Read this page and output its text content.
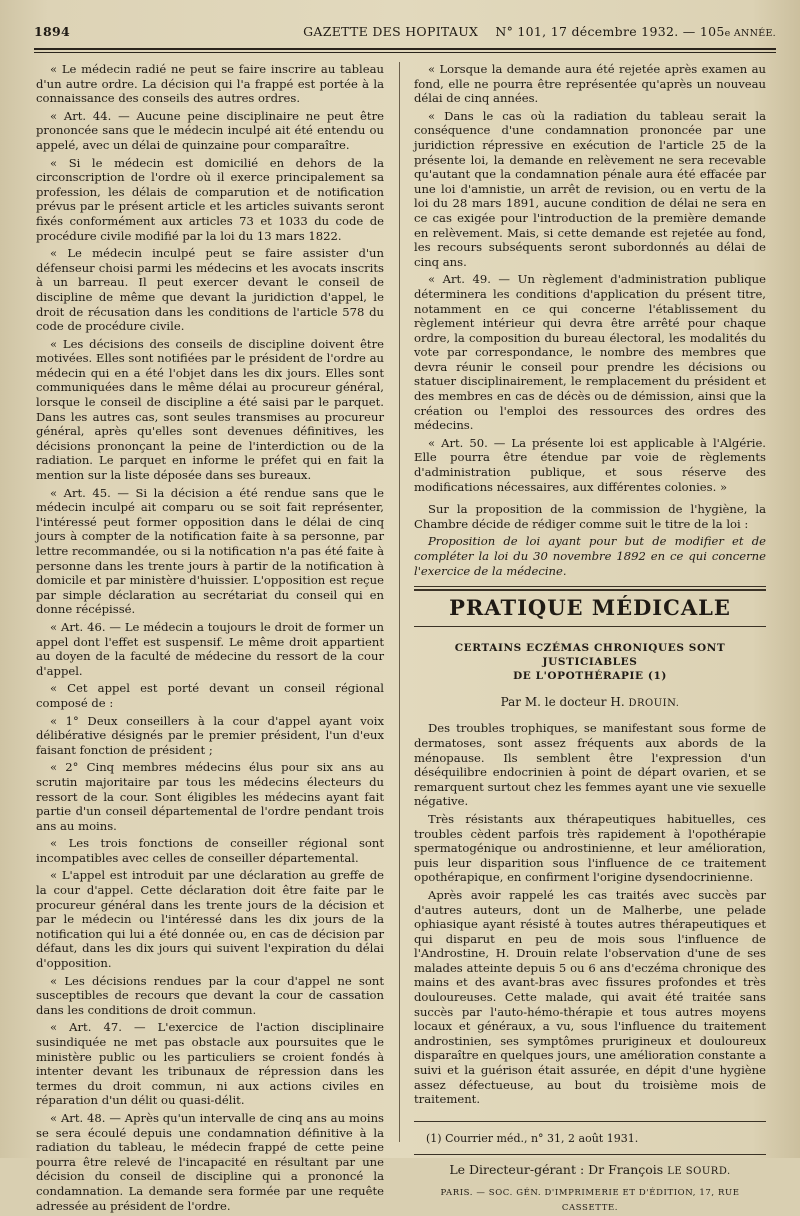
1894	GAZETTE DES HOPITAUX N° 101, 17 décembre 1932. — 105e ANNÉE.

« Le médecin radié ne peut se faire inscrire au tableau d'un autre ordre. La décision qui l'a frappé est portée à la connaissance des conseils des autres ordres.

« Art. 44. — Aucune peine disciplinaire ne peut être prononcée sans que le médecin inculpé ait été entendu ou appelé, avec un délai de quinzaine pour comparaître.

« Si le médecin est domicilié en dehors de la circonscription de l'ordre où il exerce principalement sa profession, les délais de comparution et de notification prévus par le présent article et les articles suivants seront fixés conformément aux articles 73 et 1033 du code de procédure civile modifié par la loi du 13 mars 1822.

« Le médecin inculpé peut se faire assister d'un défenseur choisi parmi les médecins et les avocats inscrits à un barreau. Il peut exercer devant le conseil de discipline de même que devant la juridiction d'appel, le droit de récusation dans les conditions de l'article 578 du code de procédure civile.

« Les décisions des conseils de discipline doivent être motivées. Elles sont notifiées par le président de l'ordre au médecin qui en a été l'objet dans les dix jours. Elles sont communiquées dans le même délai au procureur général, lorsque le conseil de discipline a été saisi par le parquet. Dans les autres cas, sont seules transmises au procureur général, après qu'elles sont devenues définitives, les décisions prononçant la peine de l'interdiction ou de la radiation. Le parquet en informe le préfet qui en fait la mention sur la liste déposée dans ses bureaux.

« Art. 45. — Si la décision a été rendue sans que le médecin inculpé ait comparu ou se soit fait représenter, l'intéressé peut former opposition dans le délai de cinq jours à compter de la notification faite à sa personne, par lettre recommandée, ou si la notification n'a pas été faite à personne dans les trente jours à partir de la notification à domicile et par ministère d'huissier. L'opposition est reçue par simple déclaration au secrétariat du conseil qui en donne récépissé.

« Art. 46. — Le médecin a toujours le droit de former un appel dont l'effet est suspensif. Le même droit appartient au doyen de la faculté de médecine du ressort de la cour d'appel.

« Cet appel est porté devant un conseil régional composé de :

« 1° Deux conseillers à la cour d'appel ayant voix délibérative désignés par le premier président, l'un d'eux faisant fonction de président ;

« 2° Cinq membres médecins élus pour six ans au scrutin majoritaire par tous les médecins électeurs du ressort de la cour. Sont éligibles les médecins ayant fait partie d'un conseil départemental de l'ordre pendant trois ans au moins.

« Les trois fonctions de conseiller régional sont incompatibles avec celles de conseiller départemental.

« L'appel est introduit par une déclaration au greffe de la cour d'appel. Cette déclaration doit être faite par le procureur général dans les trente jours de la décision et par le médecin ou l'intéressé dans les dix jours de la notification qui lui a été donnée ou, en cas de décision par défaut, dans les dix jours qui suivent l'expiration du délai d'opposition.

« Les décisions rendues par la cour d'appel ne sont susceptibles de recours que devant la cour de cassation dans les conditions de droit commun.

« Art. 47. — L'exercice de l'action disciplinaire susindiquée ne met pas obstacle aux poursuites que le ministère public ou les particuliers se croient fondés à intenter devant les tribunaux de répression dans les termes du droit commun, ni aux actions civiles en réparation d'un délit ou quasi-délit.

« Art. 48. — Après qu'un intervalle de cinq ans au moins se sera écoulé depuis une condamnation définitive à la radiation du tableau, le médecin frappé de cette peine pourra être relevé de l'incapacité en résultant par une décision du conseil de discipline qui a prononcé la condamnation. La demande sera formée par une requête adressée au président de l'ordre.

« Lorsque la demande aura été rejetée après examen au fond, elle ne pourra être représentée qu'après un nouveau délai de cinq années.

« Dans le cas où la radiation du tableau serait la conséquence d'une condamnation prononcée par une juridiction répressive en exécution de l'article 25 de la présente loi, la demande en relèvement ne sera recevable qu'autant que la condamnation pénale aura été effacée par une loi d'amnistie, un arrêt de revision, ou en vertu de la loi du 28 mars 1891, aucune condition de délai ne sera en ce cas exigée pour l'introduction de la première demande en relèvement. Mais, si cette demande est rejetée au fond, les recours subséquents seront subordonnés au délai de cinq ans.

« Art. 49. — Un règlement d'administration publique déterminera les conditions d'application du présent titre, notamment en ce qui concerne l'établissement du règlement intérieur qui devra être arrêté pour chaque ordre, la composition du bureau électoral, les modalités du vote par correspondance, le nombre des membres que devra réunir le conseil pour prendre les décisions ou statuer disciplinairement, le remplacement du président et des membres en cas de décès ou de démission, ainsi que la création ou l'emploi des ressources des ordres des médecins.

« Art. 50. — La présente loi est applicable à l'Algérie. Elle pourra être étendue par voie de règlements d'administration publique, et sous réserve des modifications nécessaires, aux différentes colonies. »

Sur la proposition de la commission de l'hygiène, la Chambre décide de rédiger comme suit le titre de la loi :

Proposition de loi ayant pour but de modifier et de compléter la loi du 30 novembre 1892 en ce qui concerne l'exercice de la médecine.

PRATIQUE MÉDICALE
CERTAINS ECZÉMAS CHRONIQUES SONT JUSTICIABLES
DE L'OPOTHÉRAPIE (1)
Par M. le docteur H. DROUIN.

Des troubles trophiques, se manifestant sous forme de dermatoses, sont assez fréquents aux abords de la ménopause. Ils semblent être l'expression d'un déséquilibre endocrinien à point de départ ovarien, et se remarquent surtout chez les femmes ayant une vie sexuelle négative.

Très résistants aux thérapeutiques habituelles, ces troubles cèdent parfois très rapidement à l'opothérapie spermatogénique ou androstinienne, et leur amélioration, puis leur disparition sous l'influence de ce traitement opothérapique, en confirment l'origine dysendocrinienne.

Après avoir rappelé les cas traités avec succès par d'autres auteurs, dont un de Malherbe, une pelade ophiasique ayant résisté à toutes autres thérapeutiques et qui disparut en peu de mois sous l'influence de l'Androstine, H. Drouin relate l'observation d'une de ses malades atteinte depuis 5 ou 6 ans d'eczéma chronique des mains et des avant-bras avec fissures profondes et très douloureuses. Cette malade, qui avait été traitée sans succès par l'auto-hémo-thérapie et tous autres moyens locaux et généraux, a vu, sous l'influence du traitement androstinien, ses symptômes prurigineux et douloureux disparaître en quelques jours, une amélioration constante a suivi et la guérison était assurée, en dépit d'une hygiène assez défectueuse, au bout du troisième mois de traitement.

(1) Courrier méd., n° 31, 2 août 1931.
Le Directeur-gérant : Dr François LE SOURD.
PARIS. — SOC. GÉN. D'IMPRIMERIE ET D'ÉDITION, 17, RUE CASSETTE.
